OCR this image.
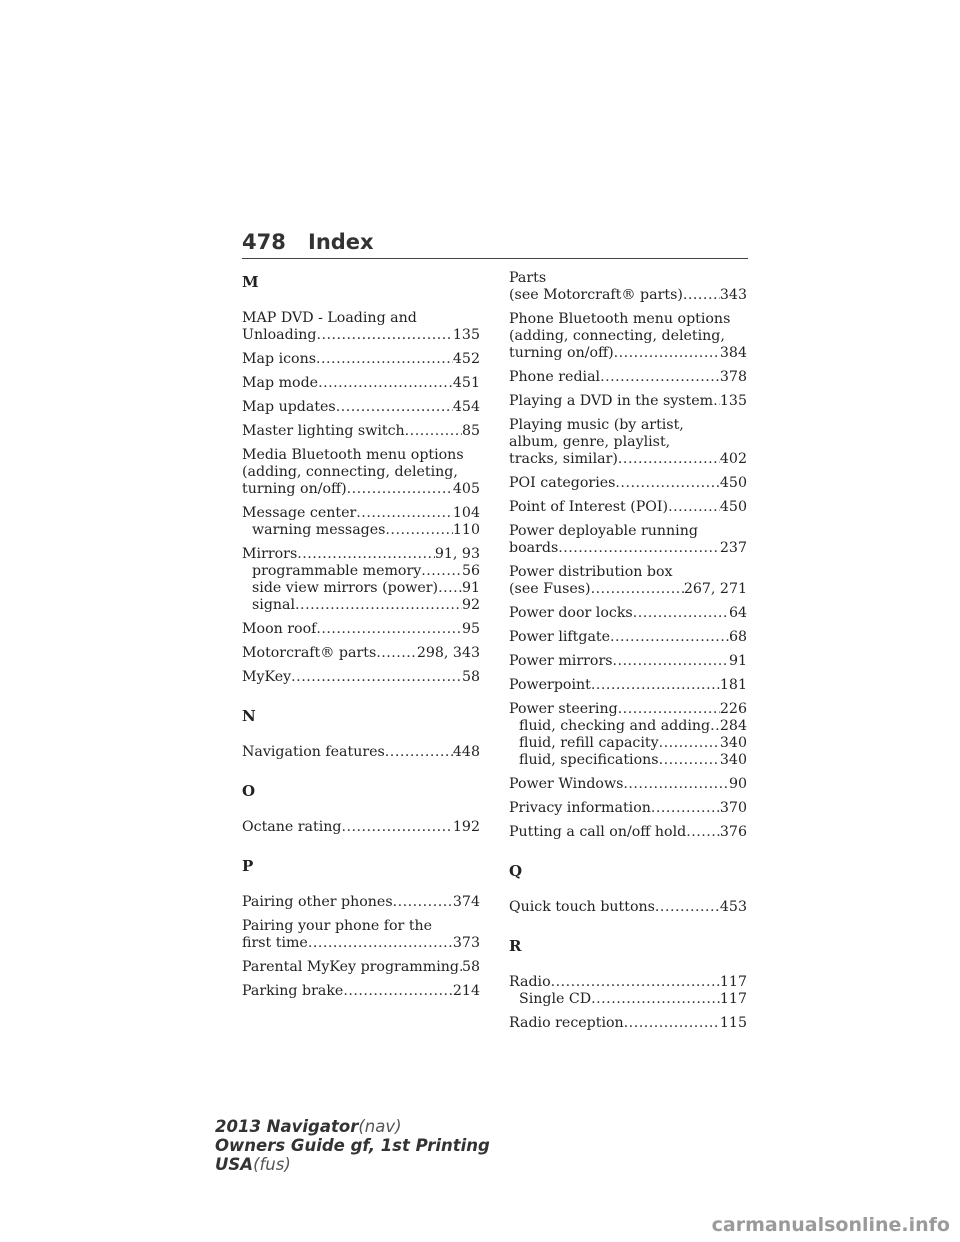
478 Index
M
MAP DVD - Loading and
Unloading .....	135
Map icons .....	452
Map mode .....	451
Map updates .....	454
Master lighting switch .....	85
Media Bluetooth menu options
(adding, connecting, deleting,
turning on/off) .....	405
Message center .....	104
warning messages .....	110
Mirrors .....	91, 93
programmable memory .....	56
side view mirrors (power) ..... 91
signal .....	92
Moon roof .....	95
Motorcraft® parts .....	298, 343
MyKey .....	58
N
Navigation features .....	448
O
Octane rating .....	192
P
Pairing other phones .....	374
Pairing your phone for the
first time .....	373
Parental MyKey programming ..... 58
Parking brake .....	214
Parts
(see Motorcraft® parts) .....	343
Phone Bluetooth menu options
(adding, connecting, deleting,
turning on/off) .....	384
Phone redial .....	378
Playing a DVD in the system ..... 135
Playing music (by artist,
album, genre, playlist,
tracks, similar) .....	402
POI categories .....	450
Point of Interest (POI) .....	450
Power deployable running
boards .....	237
Power distribution box
(see Fuses) .....	267, 271
Power door locks .....	64
Power liftgate .....	68
Power mirrors .....	91
Powerpoint .....	181
Power steering .....	226
fluid, checking and adding ..... 284
fluid, refill capacity .....	340
fluid, specifications .....	340
Power Windows .....	90
Privacy information .....	370
Putting a call on/off hold ..... 376
Q
Quick touch buttons .....	453
R
Radio .....	117
Single CD .....	117
Radio reception .....	115
2013 Navigator(nav)
Owners Guide gf, 1st Printing
USA(fus)
carmanualsonline.info
